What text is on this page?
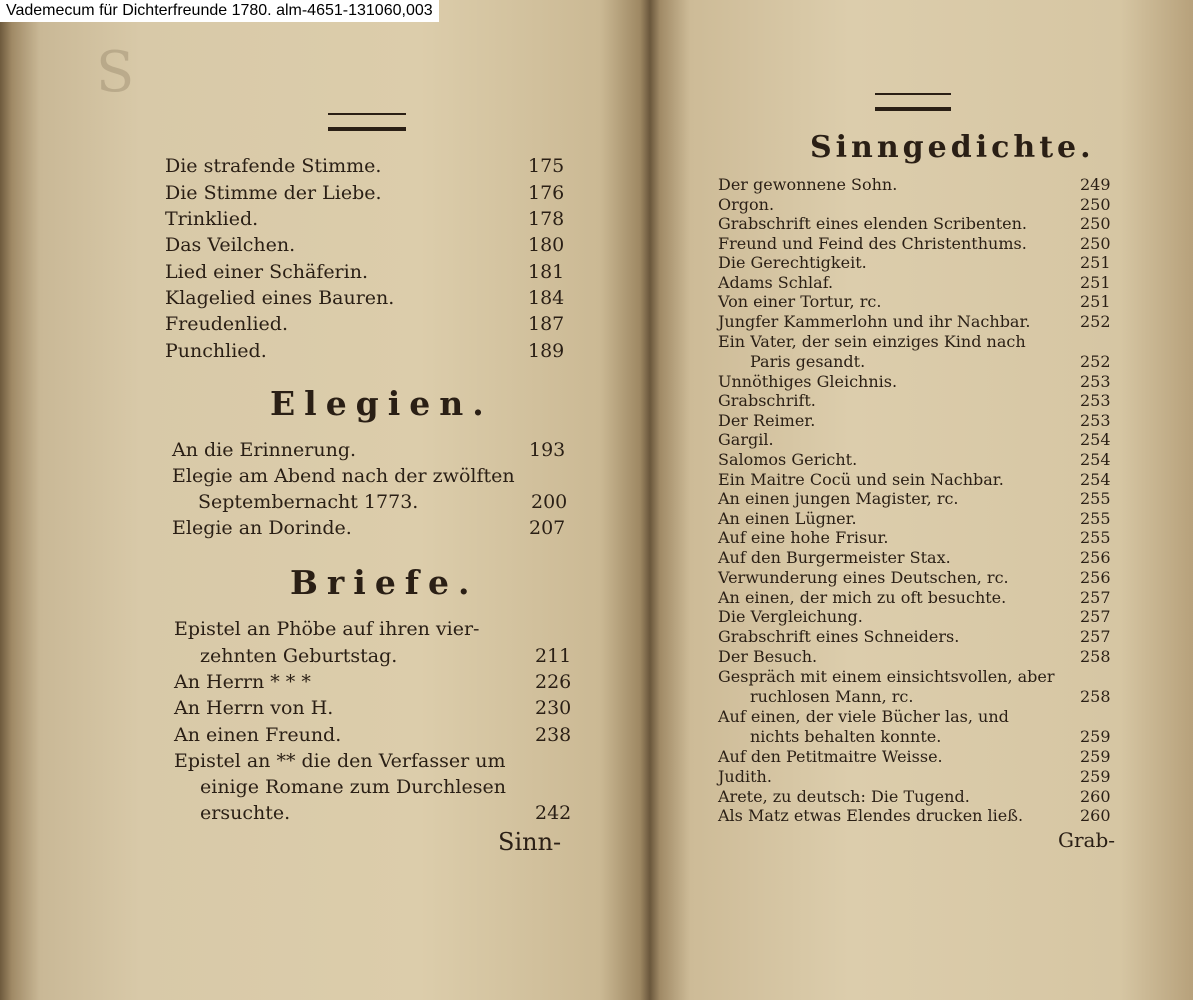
Vademecum für Dichterfreunde 1780. alm-4651-131060,003
S
Die strafende Stimme.	175
Die Stimme der Liebe.	176
Trinklied.	178
Das Veilchen.	180
Lied einer Schäferin.	181
Klagelied eines Bauren.	184
Freudenlied.	187
Punchlied.	189
Elegien.
An die Erinnerung.	193
Elegie am Abend nach der zwölften
Septembernacht 1773.	200
Elegie an Dorinde.	207
Briefe.
Epistel an Phöbe auf ihren vier-
zehnten Geburtstag.	211
An Herrn * * *	226
An Herrn von H.	230
An einen Freund.	238
Epistel an ** die den Verfasser um
einige Romane zum Durchlesen
ersuchte.	242
Sinn-
Sinngedichte.
Der gewonnene Sohn.	249
Orgon.	250
Grabschrift eines elenden Scribenten.	250
Freund und Feind des Christenthums.	250
Die Gerechtigkeit.	251
Adams Schlaf.	251
Von einer Tortur, rc.	251
Jungfer Kammerlohn und ihr Nachbar.	252
Ein Vater, der sein einziges Kind nach
Paris gesandt.	252
Unnöthiges Gleichnis.	253
Grabschrift.	253
Der Reimer.	253
Gargil.	254
Salomos Gericht.	254
Ein Maitre Cocü und sein Nachbar.	254
An einen jungen Magister, rc.	255
An einen Lügner.	255
Auf eine hohe Frisur.	255
Auf den Burgermeister Stax.	256
Verwunderung eines Deutschen, rc.	256
An einen, der mich zu oft besuchte.	257
Die Vergleichung.	257
Grabschrift eines Schneiders.	257
Der Besuch.	258
Gespräch mit einem einsichtsvollen, aber
ruchlosen Mann, rc.	258
Auf einen, der viele Bücher las, und
nichts behalten konnte.	259
Auf den Petitmaitre Weisse.	259
Judith.	259
Arete, zu deutsch: Die Tugend.	260
Als Matz etwas Elendes drucken ließ.	260
Grab-
